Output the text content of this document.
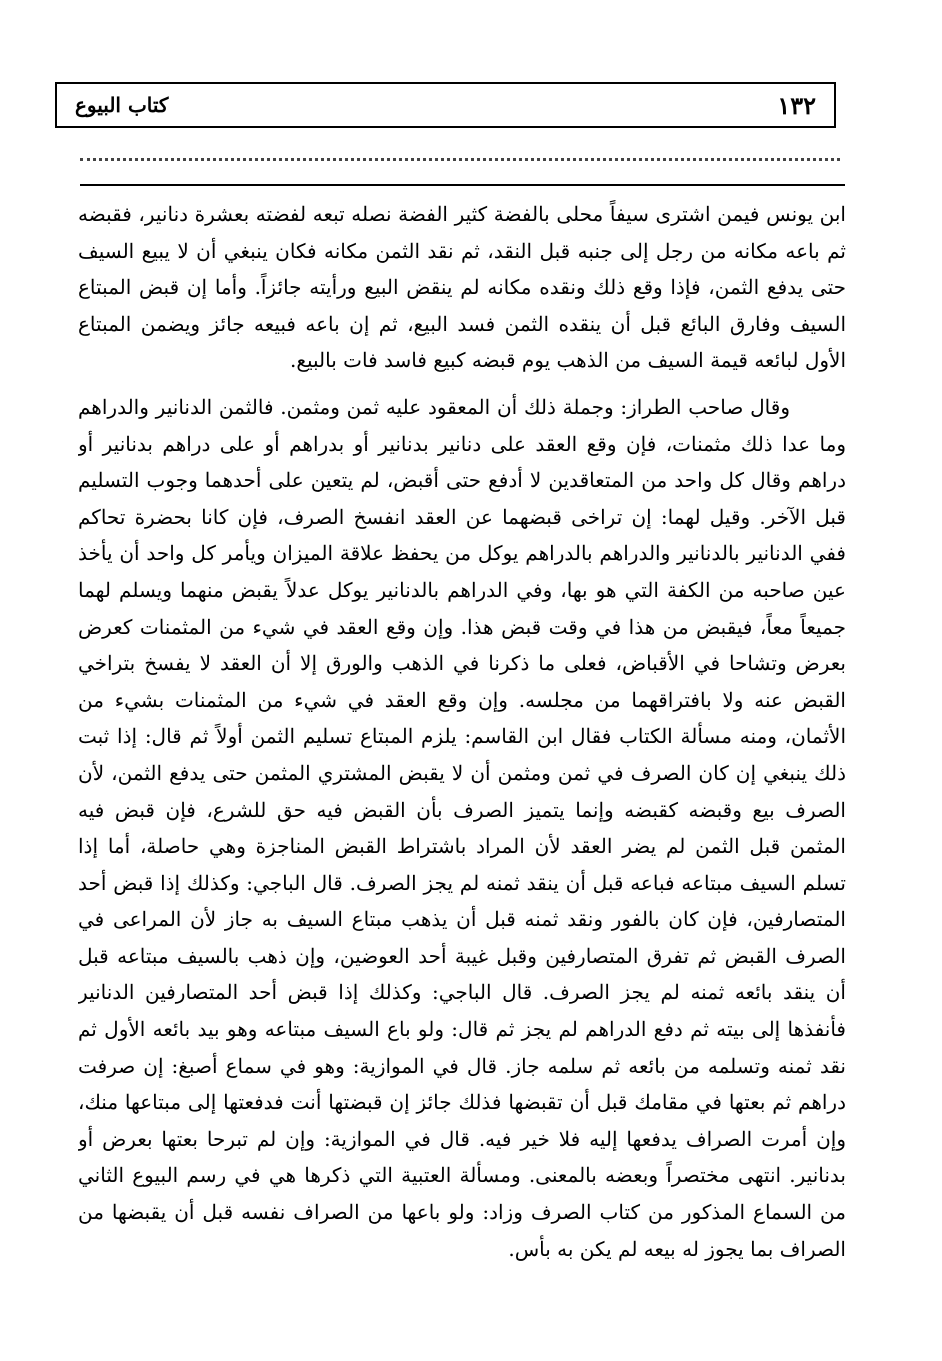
١٣٢
كتاب البيوع

ابن يونس فيمن اشترى سيفاً محلى بالفضة كثير الفضة نصله تبعه لفضته بعشرة دنانير، فقبضه ثم باعه مكانه من رجل إلى جنبه قبل النقد، ثم نقد الثمن مكانه فكان ينبغي أن لا يبيع السيف حتى يدفع الثمن، فإذا وقع ذلك ونقده مكانه لم ينقض البيع ورأيته جائزاً. وأما إن قبض المبتاع السيف وفارق البائع قبل أن ينقده الثمن فسد البيع، ثم إن باعه فبيعه جائز ويضمن المبتاع الأول لبائعه قيمة السيف من الذهب يوم قبضه كبيع فاسد فات بالبيع.

وقال صاحب الطراز: وجملة ذلك أن المعقود عليه ثمن ومثمن. فالثمن الدنانير والدراهم وما عدا ذلك مثمنات، فإن وقع العقد على دنانير بدنانير أو بدراهم أو على دراهم بدنانير أو دراهم وقال كل واحد من المتعاقدين لا أدفع حتى أقبض، لم يتعين على أحدهما وجوب التسليم قبل الآخر. وقيل لهما: إن تراخى قبضهما عن العقد انفسخ الصرف، فإن كانا بحضرة تحاكم ففي الدنانير بالدنانير والدراهم بالدراهم يوكل من يحفظ علاقة الميزان ويأمر كل واحد أن يأخذ عين صاحبه من الكفة التي هو بها، وفي الدراهم بالدنانير يوكل عدلاً يقبض منهما ويسلم لهما جميعاً معاً، فيقبض من هذا في وقت قبض هذا. وإن وقع العقد في شيء من المثمنات كعرض بعرض وتشاحا في الأقباض، فعلى ما ذكرنا في الذهب والورق إلا أن العقد لا يفسخ بتراخي القبض عنه ولا بافتراقهما من مجلسه. وإن وقع العقد في شيء من المثمنات بشيء من الأثمان، ومنه مسألة الكتاب فقال ابن القاسم: يلزم المبتاع تسليم الثمن أولاً ثم قال: إذا ثبت ذلك ينبغي إن كان الصرف في ثمن ومثمن أن لا يقبض المشتري المثمن حتى يدفع الثمن، لأن الصرف بيع وقبضه كقبضه وإنما يتميز الصرف بأن القبض فيه حق للشرع، فإن قبض فيه المثمن قبل الثمن لم يضر العقد لأن المراد باشتراط القبض المناجزة وهي حاصلة، أما إذا تسلم السيف مبتاعه فباعه قبل أن ينقد ثمنه لم يجز الصرف. قال الباجي: وكذلك إذا قبض أحد المتصارفين، فإن كان بالفور ونقد ثمنه قبل أن يذهب مبتاع السيف به جاز لأن المراعى في الصرف القبض ثم تفرق المتصارفين وقبل غيبة أحد العوضين، وإن ذهب بالسيف مبتاعه قبل أن ينقد بائعه ثمنه لم يجز الصرف. قال الباجي: وكذلك إذا قبض أحد المتصارفين الدنانير فأنفذها إلى بيته ثم دفع الدراهم لم يجز ثم قال: ولو باع السيف مبتاعه وهو بيد بائعه الأول ثم نقد ثمنه وتسلمه من بائعه ثم سلمه جاز. قال في الموازية: وهو في سماع أصبغ: إن صرفت دراهم ثم بعتها في مقامك قبل أن تقبضها فذلك جائز إن قبضتها أنت فدفعتها إلى مبتاعها منك، وإن أمرت الصراف يدفعها إليه فلا خير فيه. قال في الموازية: وإن لم تبرحا بعتها بعرض أو بدنانير. انتهى مختصراً وبعضه بالمعنى. ومسألة العتبية التي ذكرها هي في رسم البيوع الثاني من السماع المذكور من كتاب الصرف وزاد: ولو باعها من الصراف نفسه قبل أن يقبضها من الصراف بما يجوز له بيعه لم يكن به بأس.
